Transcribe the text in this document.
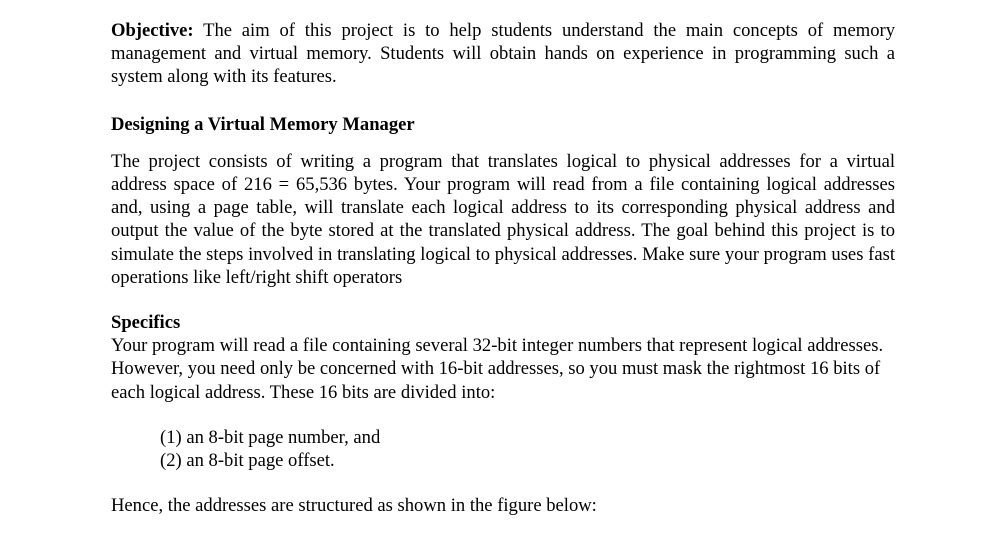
Objective: The aim of this project is to help students understand the main concepts of memory management and virtual memory. Students will obtain hands on experience in programming such a system along with its features.

Designing a Virtual Memory Manager

The project consists of writing a program that translates logical to physical addresses for a virtual address space of 216 = 65,536 bytes. Your program will read from a file containing logical addresses and, using a page table, will translate each logical address to its corresponding physical address and output the value of the byte stored at the translated physical address. The goal behind this project is to simulate the steps involved in translating logical to physical addresses. Make sure your program uses fast operations like left/right shift operators

Specifics

Your program will read a file containing several 32-bit integer numbers that represent logical addresses. However, you need only be concerned with 16-bit addresses, so you must mask the rightmost 16 bits of each logical address. These 16 bits are divided into:

(1) an 8-bit page number, and

(2) an 8-bit page offset.

Hence, the addresses are structured as shown in the figure below:
